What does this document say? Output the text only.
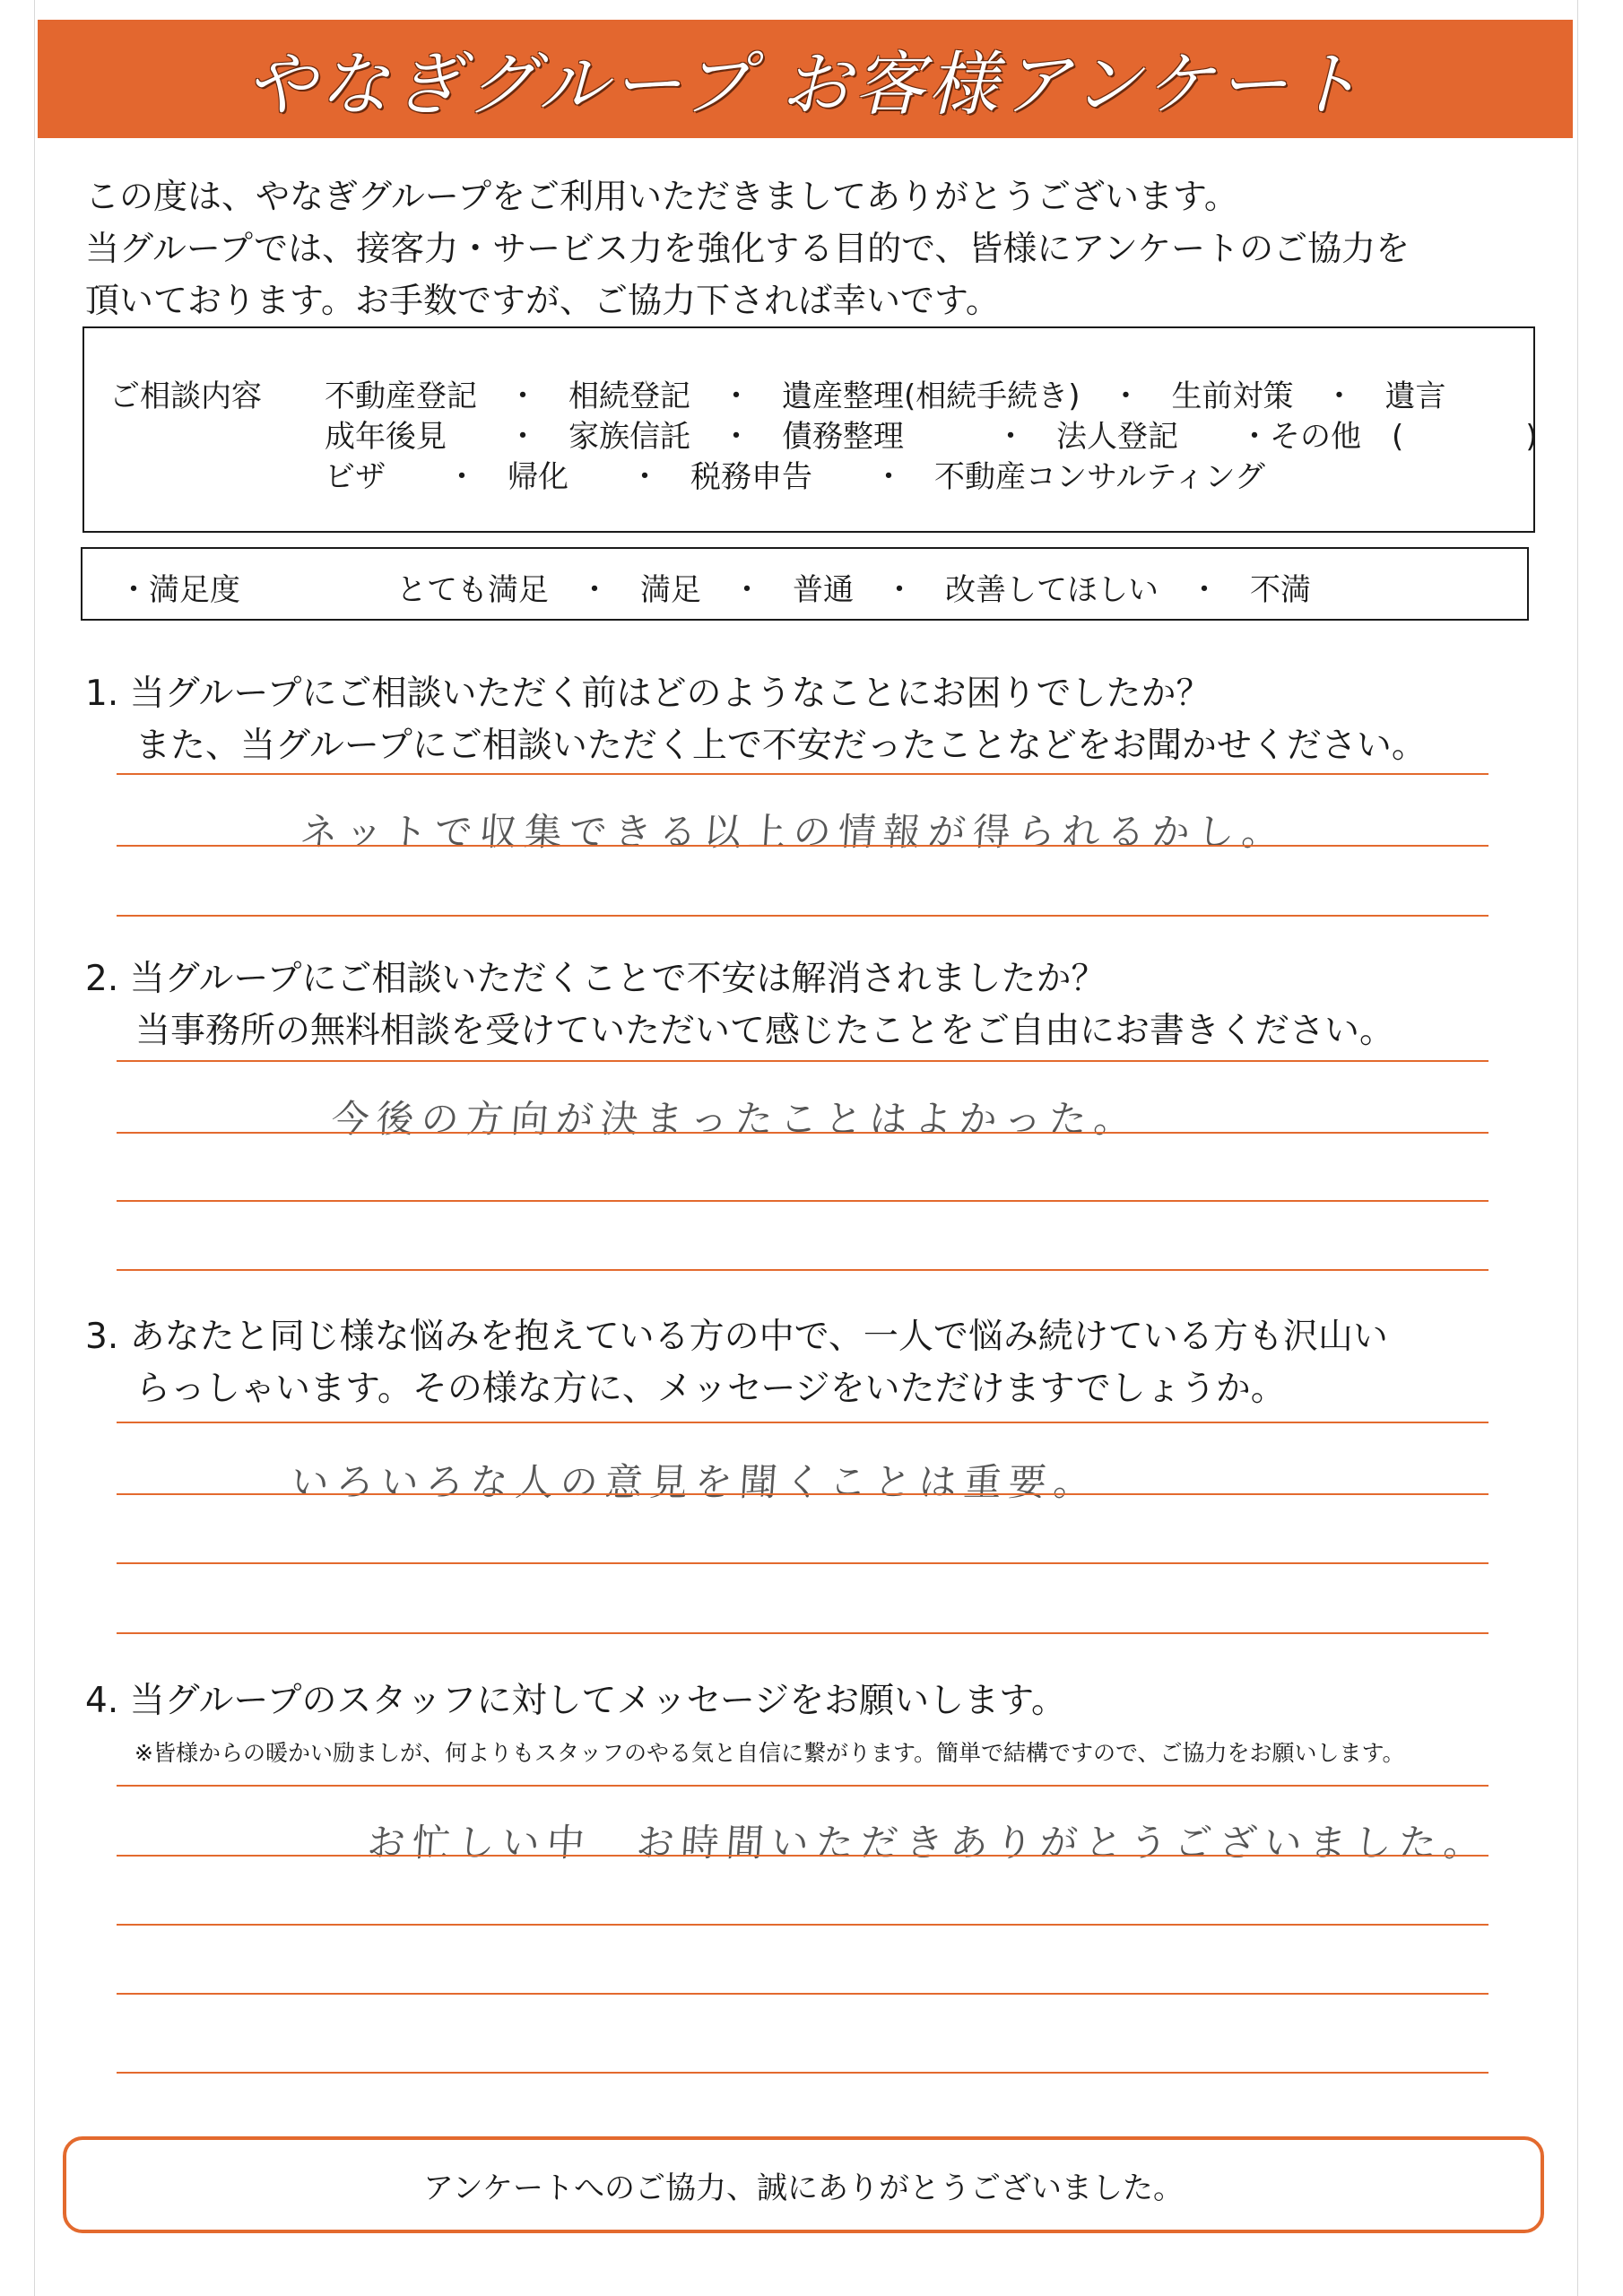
やなぎグループ お客様アンケート
この度は、やなぎグループをご利用いただきましてありがとうございます。
当グループでは、接客力・サービス力を強化する目的で、皆様にアンケートのご協力を
頂いております。お手数ですが、ご協力下されば幸いです。
ご相談内容 不動産登記　・　相続登記　・　遺産整理(相続手続き)　・　生前対策　・　遺言
成年後見　　・　家族信託　・　債務整理　　　・　法人登記　　・その他　(　　　　)
ビザ　　・　帰化　　・　税務申告　　・　不動産コンサルティング
・満足度	とても満足　・　満足　・　普通　・　改善してほしい　・　不満
1. 当グループにご相談いただく前はどのようなことにお困りでしたか？
また、当グループにご相談いただく上で不安だったことなどをお聞かせください。
ネットで収集できる以上の情報が得られるかし。
2. 当グループにご相談いただくことで不安は解消されましたか？
当事務所の無料相談を受けていただいて感じたことをご自由にお書きください。
今後の方向が決まったことはよかった。
3. あなたと同じ様な悩みを抱えている方の中で、一人で悩み続けている方も沢山い
らっしゃいます。その様な方に、メッセージをいただけますでしょうか。
いろいろな人の意見を聞くことは重要。
4. 当グループのスタッフに対してメッセージをお願いします。
※皆様からの暖かい励ましが、何よりもスタッフのやる気と自信に繋がります。簡単で結構ですので、ご協力をお願いします。
お忙しい中　お時間いただきありがとうございました。
アンケートへのご協力、誠にありがとうございました。
